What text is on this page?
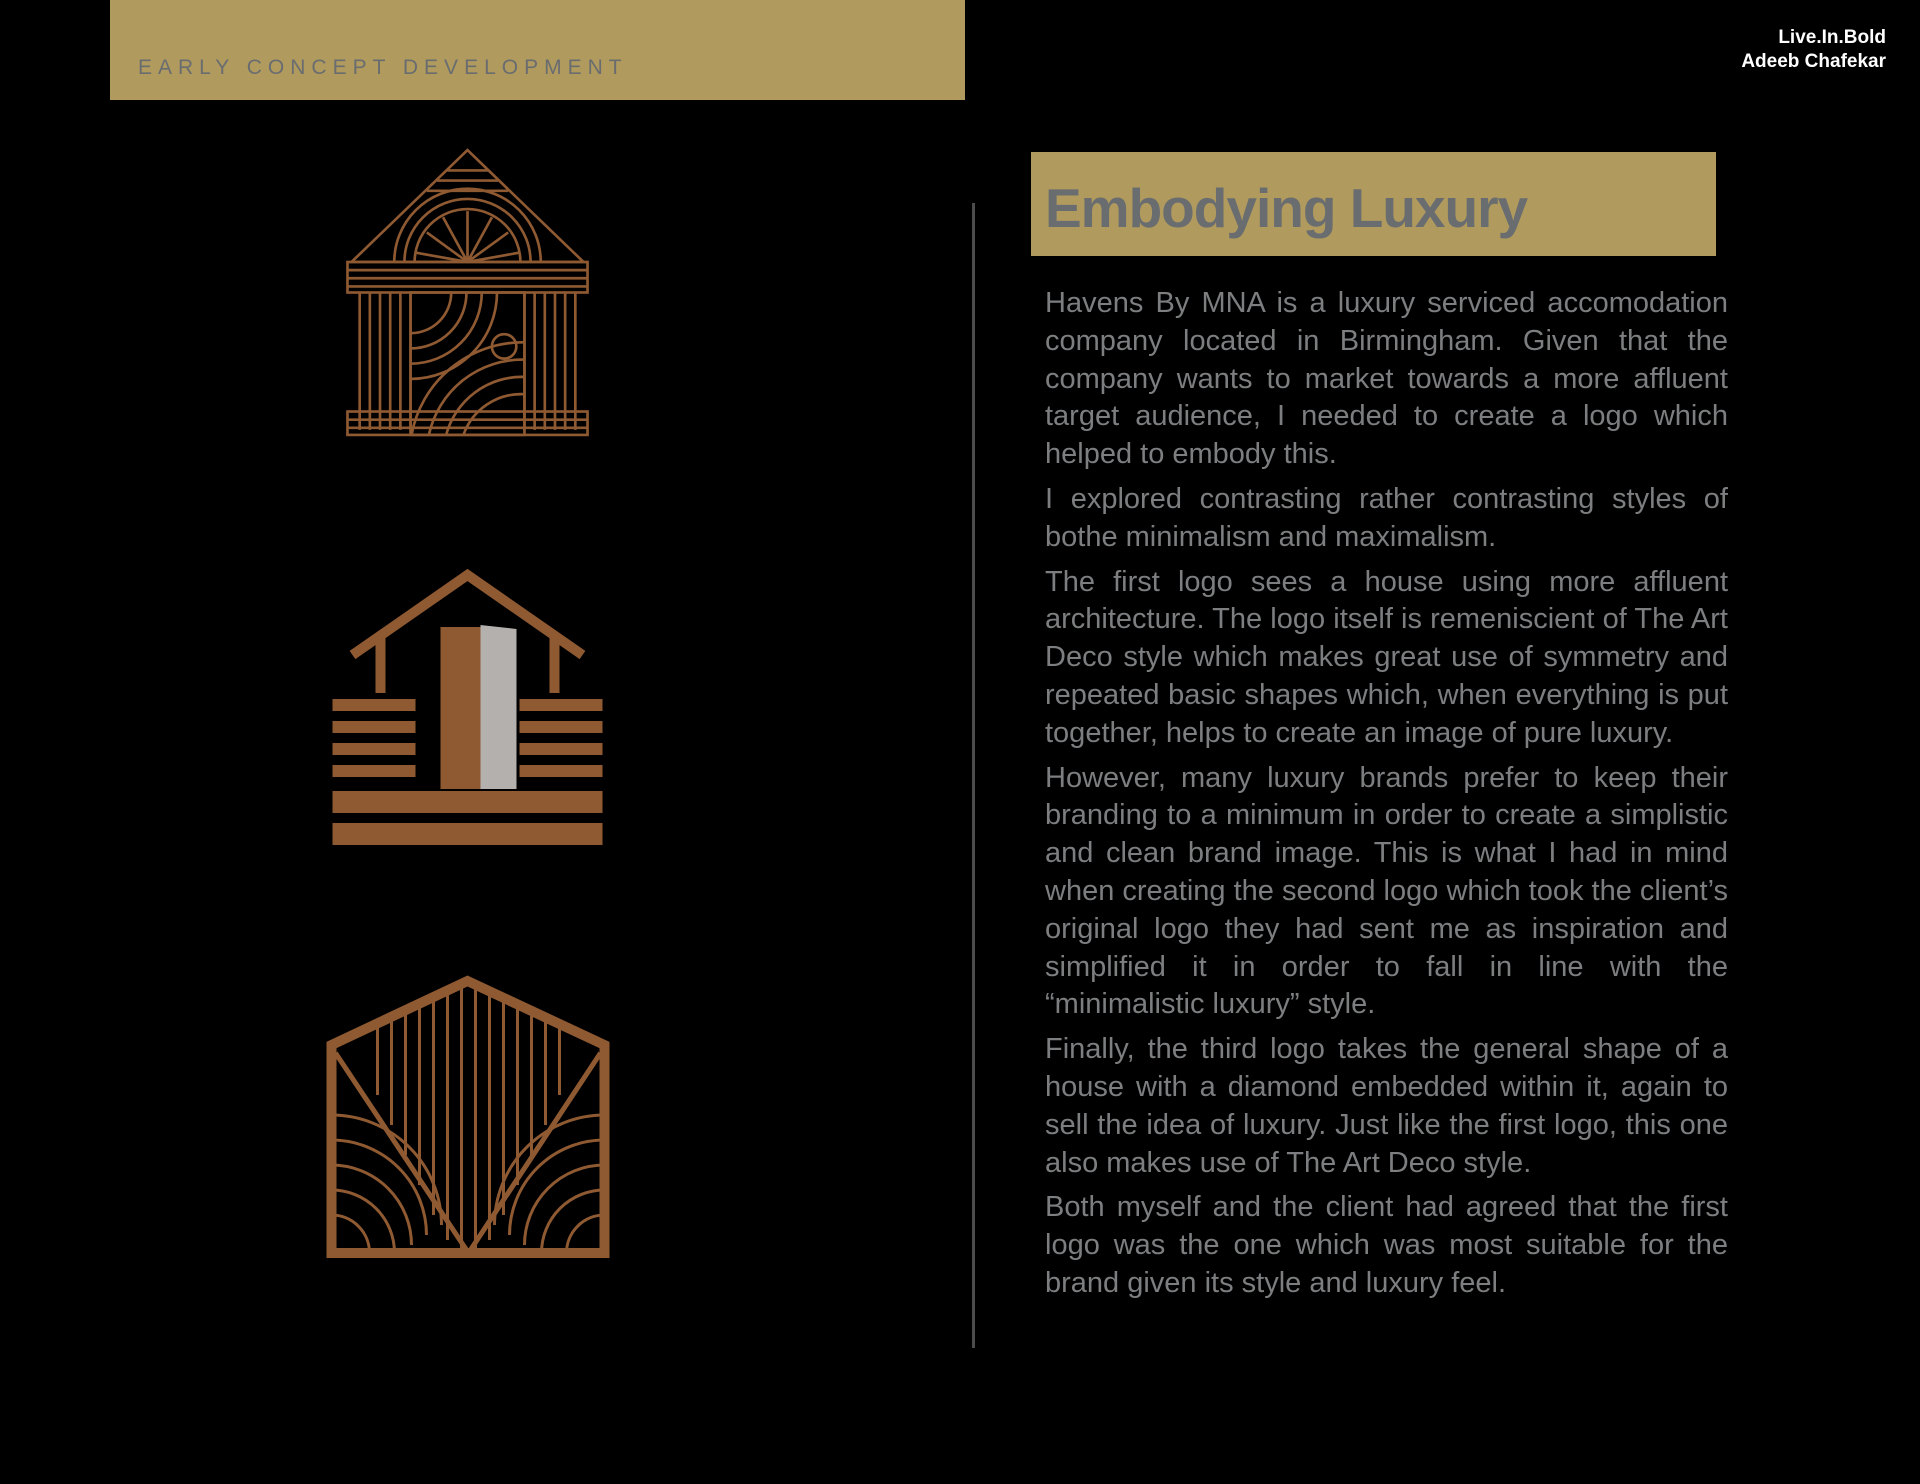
EARLY CONCEPT DEVELOPMENT
Live.In.Bold
Adeeb Chafekar
Embodying Luxury

Havens By MNA is a luxury serviced accomodation company located in Birmingham. Given that the company wants to market towards a more affluent target audience, I needed to create a logo which helped to embody this.

I explored contrasting rather contrasting styles of bothe minimalism and maximalism.

The first logo sees a house using more affluent architecture. The logo itself is remeniscient of The Art Deco style which makes great use of symmetry and repeated basic shapes which, when everything is put together, helps to create an image of pure luxury.

However, many luxury brands prefer to keep their branding to a minimum in order to create a simplistic and clean brand image. This is what I had in mind when creating the second logo which took the client’s original logo they had sent me as inspiration and simplified it in order to fall in line with the “minimalistic luxury” style.

Finally, the third logo takes the general shape of a house with a diamond embedded within it, again to sell the idea of luxury. Just like the first logo, this one also makes use of The Art Deco style.

Both myself and the client had agreed that the first logo was the one which was most suitable for the brand given its style and luxury feel.
